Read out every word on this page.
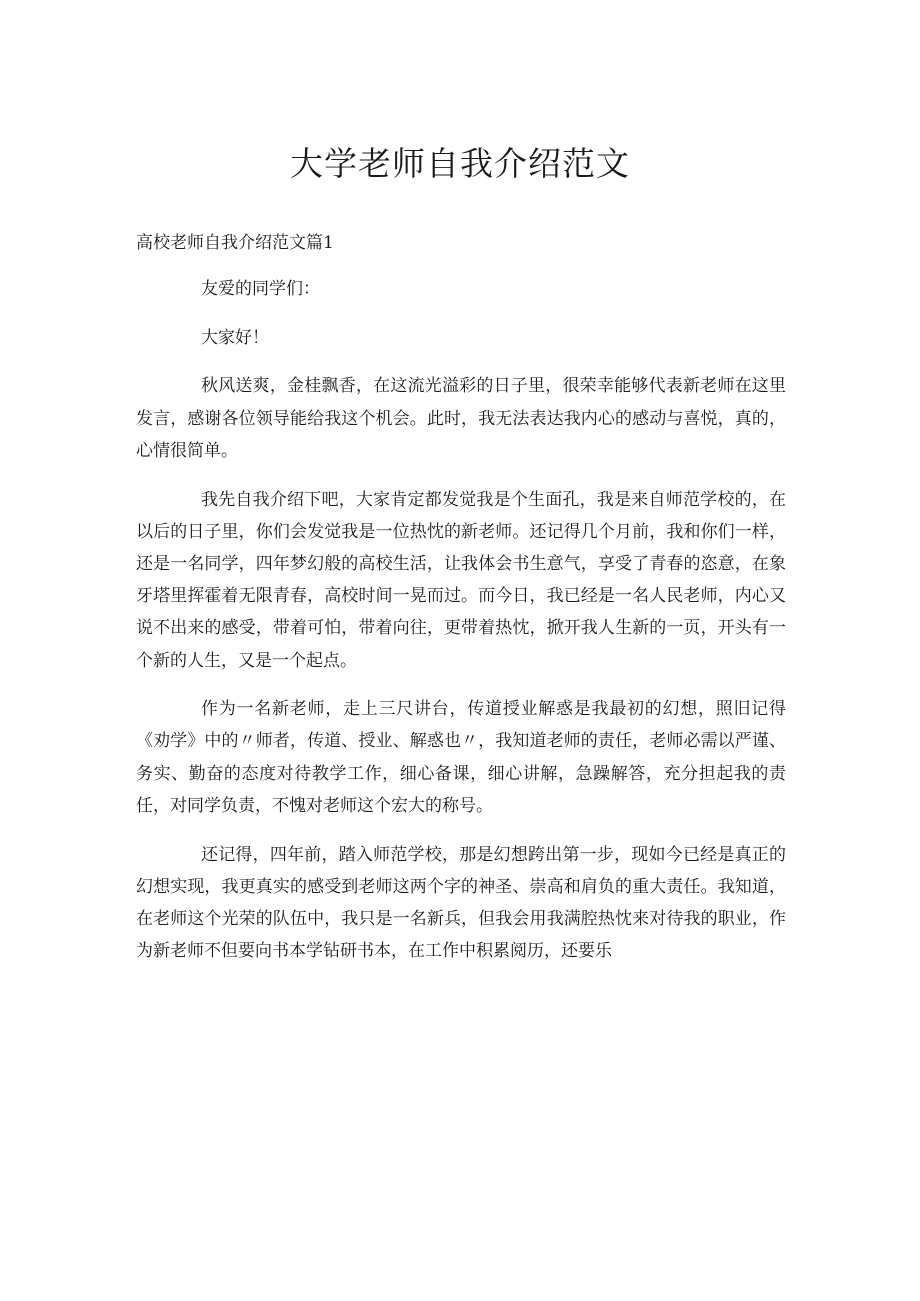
大学老师自我介绍范文

高校老师自我介绍范文篇1

友爱的同学们：

大家好！

秋风送爽，金桂飘香，在这流光溢彩的日子里，很荣幸能够代表新老师在这里发言，感谢各位领导能给我这个机会。此时，我无法表达我内心的感动与喜悦，真的，心情很简单。

我先自我介绍下吧，大家肯定都发觉我是个生面孔，我是来自师范学校的，在以后的日子里，你们会发觉我是一位热忱的新老师。还记得几个月前，我和你们一样，还是一名同学，四年梦幻般的高校生活，让我体会书生意气，享受了青春的恣意，在象牙塔里挥霍着无限青春，高校时间一晃而过。而今日，我已经是一名人民老师，内心又说不出来的感受，带着可怕，带着向往，更带着热忱，掀开我人生新的一页，开头有一个新的人生，又是一个起点。

作为一名新老师，走上三尺讲台，传道授业解惑是我最初的幻想，照旧记得《劝学》中的〃师者，传道、授业、解惑也〃，我知道老师的责任，老师必需以严谨、务实、勤奋的态度对待教学工作，细心备课，细心讲解，急躁解答，充分担起我的责任，对同学负责，不愧对老师这个宏大的称号。

还记得，四年前，踏入师范学校，那是幻想跨出第一步，现如今已经是真正的幻想实现，我更真实的感受到老师这两个字的神圣、崇高和肩负的重大责任。我知道，在老师这个光荣的队伍中，我只是一名新兵，但我会用我满腔热忱来对待我的职业，作为新老师不但要向书本学钻研书本，在工作中积累阅历，还要乐
